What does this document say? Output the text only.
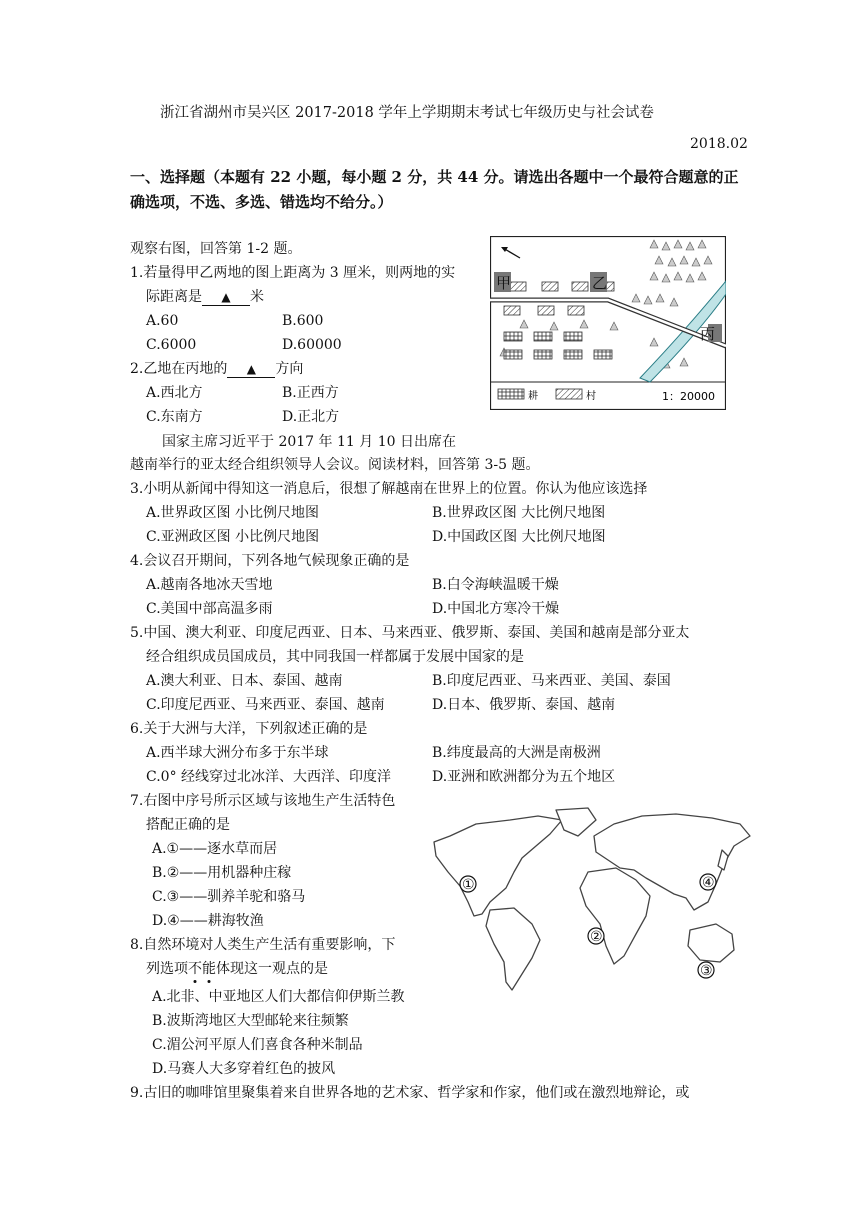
浙江省湖州市吴兴区 2017-2018 学年上学期期末考试七年级历史与社会试卷
2018.02
一、选择题（本题有 22 小题，每小题 2 分，共 44 分。请选出各题中一个最符合题意的正
确选项，不选、多选、错选均不给分。）
观察右图，回答第 1-2 题。
1.若量得甲乙两地的图上距离为 3 厘米，则两地的实
际距离是 ▲ 米
A.60	B.600
C.6000	D.60000
2.乙地在丙地的 ▲ 方向
A.西北方	B.正西方
C.东南方	D.正北方
甲	乙
丙
耕	村	1：20000
国家主席习近平于 2017 年 11 月 10 日出席在
越南举行的亚太经合组织领导人会议。阅读材料，回答第 3-5 题。
3.小明从新闻中得知这一消息后，很想了解越南在世界上的位置。你认为他应该选择
A.世界政区图 小比例尺地图	B.世界政区图 大比例尺地图
C.亚洲政区图 小比例尺地图	D.中国政区图 大比例尺地图
4.会议召开期间，下列各地气候现象正确的是
A.越南各地冰天雪地	B.白令海峡温暖干燥
C.美国中部高温多雨	D.中国北方寒冷干燥
5.中国、澳大利亚、印度尼西亚、日本、马来西亚、俄罗斯、泰国、美国和越南是部分亚太
经合组织成员国成员，其中同我国一样都属于发展中国家的是
A.澳大利亚、日本、泰国、越南	B.印度尼西亚、马来西亚、美国、泰国
C.印度尼西亚、马来西亚、泰国、越南	D.日本、俄罗斯、泰国、越南
6.关于大洲与大洋，下列叙述正确的是
A.西半球大洲分布多于东半球	B.纬度最高的大洲是南极洲
C.0° 经线穿过北冰洋、大西洋、印度洋	D.亚洲和欧洲都分为五个地区
7.右图中序号所示区域与该地生产生活特色
搭配正确的是
A.①——逐水草而居
B.②——用机器种庄稼
C.③——驯养羊驼和骆马
D.④——耕海牧渔
①
②
③
④
8.自然环境对人类生产生活有重要影响，下
列选项不能体现这一观点的是
A.北非、中亚地区人们大都信仰伊斯兰教
B.波斯湾地区大型邮轮来往频繁
C.湄公河平原人们喜食各种米制品
D.马赛人大多穿着红色的披风
9.古旧的咖啡馆里聚集着来自世界各地的艺术家、哲学家和作家，他们或在激烈地辩论，或
